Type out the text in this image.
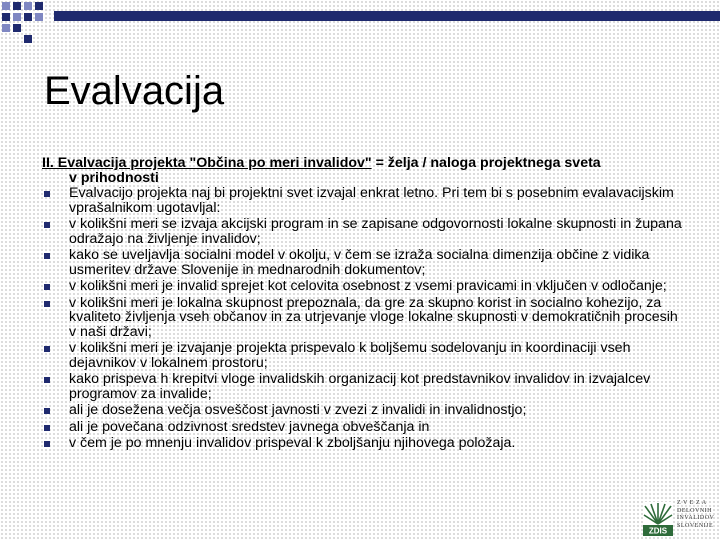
Evalvacija
II. Evalvacija projekta "Občina po meri invalidov" = želja / naloga projektnega sveta
v prihodnosti
Evalvacijo projekta naj bi projektni svet izvajal enkrat letno. Pri tem bi s posebnim evalavacijskim vprašalnikom ugotavljal:
v kolikšni meri se izvaja akcijski program in se zapisane odgovornosti lokalne skupnosti in župana odražajo na življenje invalidov;
kako se uveljavlja socialni model v okolju, v čem se izraža socialna dimenzija občine z vidika usmeritev države Slovenije in mednarodnih dokumentov;
v kolikšni meri je invalid sprejet kot celovita osebnost z vsemi pravicami in vključen v odločanje;
v kolikšni meri je lokalna skupnost prepoznala, da gre za skupno korist in socialno kohezijo, za kvaliteto življenja vseh občanov in za utrjevanje vloge lokalne skupnosti v demokratičnih procesih v naši državi;
v kolikšni meri je izvajanje projekta prispevalo k boljšemu sodelovanju in koordinaciji vseh dejavnikov v lokalnem prostoru;
kako prispeva h krepitvi vloge invalidskih organizacij kot predstavnikov invalidov in izvajalcev programov za invalide;
ali je dosežena večja osveščost javnosti v zvezi z invalidi in invalidnostjo;
ali je povečana odzivnost sredstev javnega obveščanja in
v čem je po mnenju invalidov prispeval k zboljšanju njihovega položaja.
ZDIS
Z V E Z A
DELOVNIH
INVALIDOV
SLOVENIJE
